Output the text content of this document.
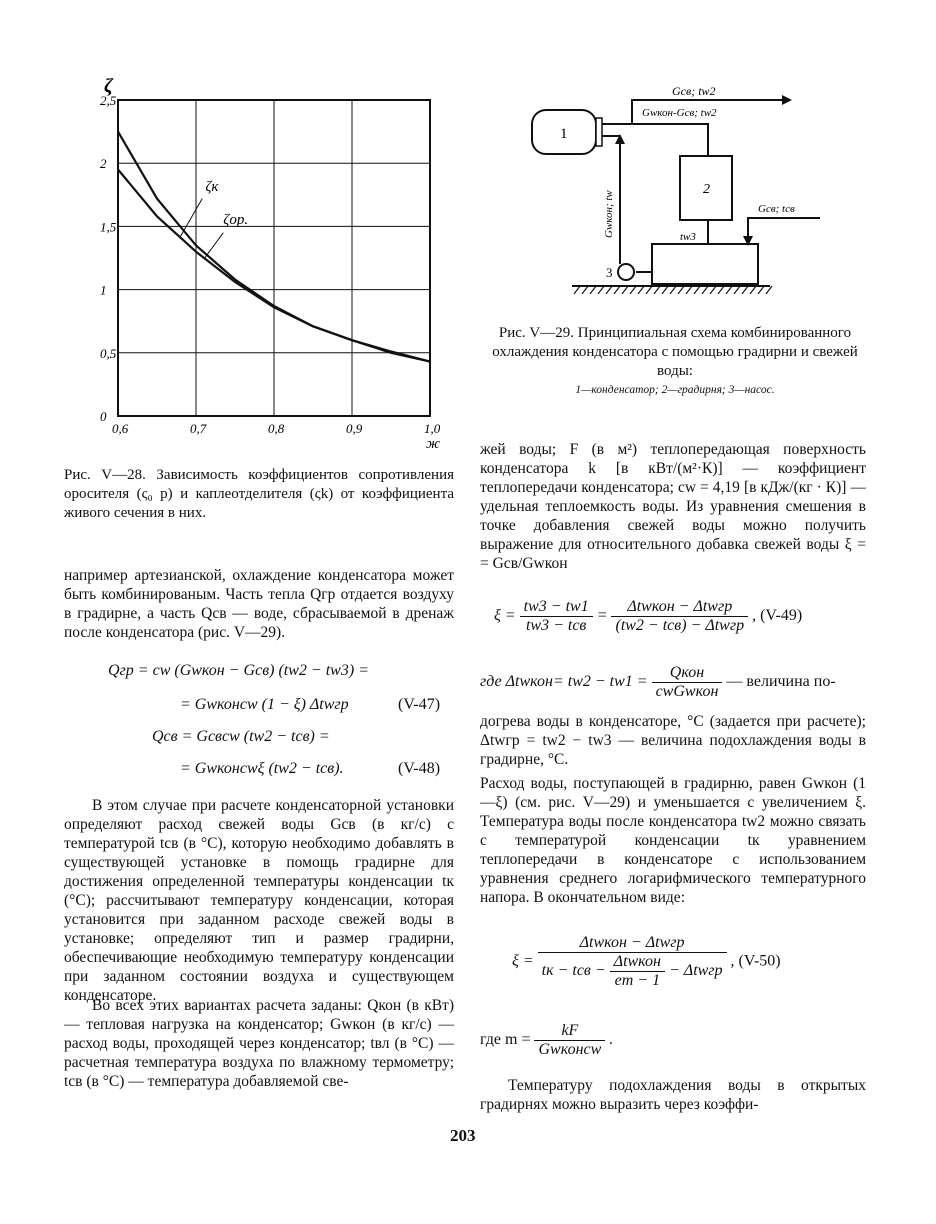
0,6	0,7	0,8	0,9	1,0
0
0,5
1
1,5
2
2,5
ζ
ж
ζк
ζор.
Рис. V—28. Зависимость коэффициентов сопротивления оросителя (ς₀ р) и каплеотделителя (ςk) от коэффициента живого сечения в них.
1
Gсв; tw2
Gwкон-Gсв; tw2
2
tw3
Gсв; tсв
3
Gwкон; tw
Рис. V—29. Принципиальная схема комбинированного охлаждения конденсатора с помощью градирни и свежей воды:
1—конденсатор; 2—градирня; 3—насос.
например артезианской, охлаждение конденсатора может быть комбинированым. Часть тепла Qгр отдается воздуху в градирне, а часть Qсв — воде, сбрасываемой в дренаж после конденсатора (рис. V—29).
Qгр = cw (Gwкон − Gсв) (tw2 − tw3) =
= Gwконcw (1 − ξ) Δtwгр	(V-47)
Qсв = Gсвcw (tw2 − tсв) =
= Gwконcwξ (tw2 − tсв).	(V-48)
В этом случае при расчете конденсаторной установки определяют расход свежей воды Gсв (в кг/с) с температурой tсв (в °C), которую необходимо добавлять в существующей установке в помощь градирне для достижения определенной температуры конденсации tк (°C); рассчитывают температуру конденсации, которая установится при заданном расходе свежей воды в установке; определяют тип и размер градирни, обеспечивающие необходимую температуру конденсации при заданном состоянии воздуха и существующем конденсаторе.
Во всех этих вариантах расчета заданы: Qкон (в кВт) — тепловая нагрузка на конденсатор; Gwкон (в кг/с) — расход воды, проходящей через конденсатор; tвл (в °C) — расчетная температура воздуха по влажному термометру; tсв (в °C) — температура добавляемой све-
жей воды; F (в м²) теплопередающая поверхность конденсатора k [в кВт/(м²·К)] — коэффициент теплопередачи конденсатора; cw = 4,19 [в кДж/(кг · К)] — удельная теплоемкость воды. Из уравнения смешения в точке добавления свежей воды можно получить выражение для относительного добавка свежей воды ξ = = Gсв/Gwкон
$\xi = \frac{tw3 - tw1}{\text{tw3 − tсв}} = \frac{\text{Δtwкон − Δtwгр}}{\text{(tw2 − tсв) − Δtwгр}}$ , (V-49)
где Δtwкон= $tw2 - tw1 = \frac{\text{Qкон}}{\text{cwGwкон}}$ — величина по-
догрева воды в конденсаторе, °C (задается при расчете); Δtwгр = tw2 − tw3 — величина подохлаждения воды в градирне, °C.
Расход воды, поступающей в градирню, равен Gwкон (1—ξ) (см. рис. V—29) и уменьшается с увеличением ξ. Температура воды после конденсатора tw2 можно связать с температурой конденсации tк уравнением теплопередачи в конденсаторе с использованием уравнения среднего логарифмического температурного напора. В окончательном виде:
$\xi = \frac{\text{Δtwкон − Δtwгр}}{tк - tсв - \frac{\text{Δtwкон}}{em - 1} - \Delta twгр}$ , (V-50)
где $m = \frac{kF}{\text{Gwконcw}}$ .
Температуру подохлаждения воды в открытых градирнях можно выразить через коэффи-
203
